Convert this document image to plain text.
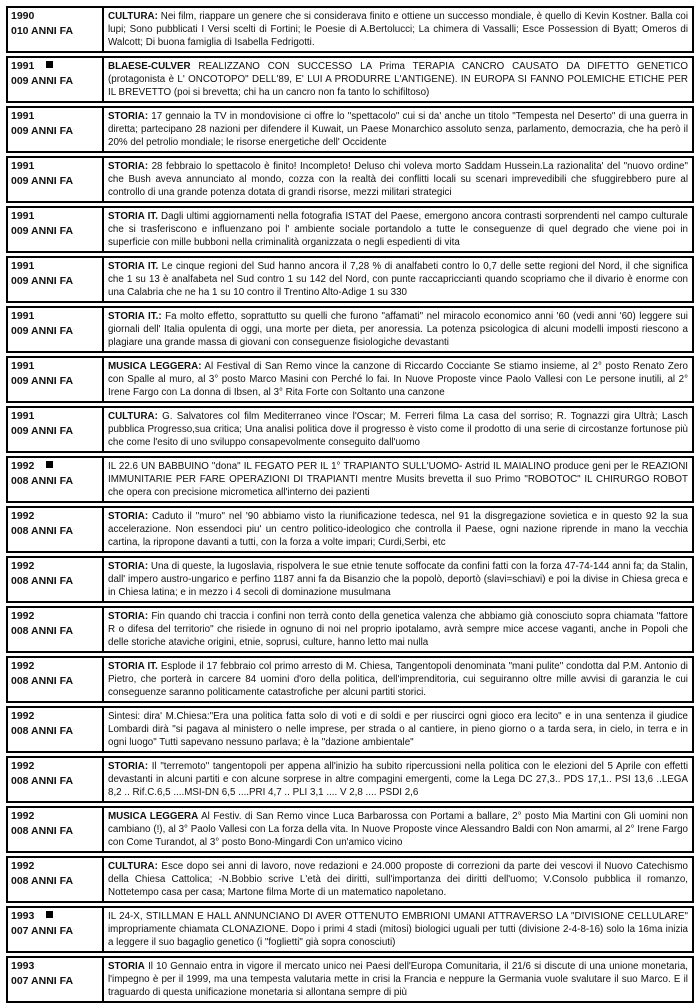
1990
010 ANNI FA
CULTURA: Nei film, riappare un genere che si considerava finito e ottiene un successo mondiale, è quello di Kevin Kostner. Balla coi lupi; Sono pubblicati I Versi scelti di Fortini; le Poesie di A.Bertolucci; La chimera di Vassalli; Esce Possession di Byatt; Omeros di Walcott; Di buona famiglia di Isabella Fedrigotti.
1991
009 ANNI FA
BLAESE-CULVER REALIZZANO CON SUCCESSO LA Prima TERAPIA CANCRO CAUSATO DA DIFETTO GENETICO (protagonista è L' ONCOTOPO" DELL'89, E' LUI A PRODURRE L'ANTIGENE). IN EUROPA SI FANNO POLEMICHE ETICHE PER IL BREVETTO (poi si brevetta; chi ha un cancro non fa tanto lo schifiltoso)
1991
009 ANNI FA
STORIA: 17 gennaio la TV in mondovisione ci offre lo "spettacolo" cui si da' anche un titolo "Tempesta nel Deserto" di una guerra in diretta; partecipano 28 nazioni per difendere il Kuwait, un Paese Monarchico assoluto senza, parlamento, democrazia, che ha però il 20% del petrolio mondiale; le risorse energetiche dell' Occidente
1991
009 ANNI FA
STORIA: 28 febbraio lo spettacolo è finito! Incompleto! Deluso chi voleva morto Saddam Hussein.La razionalita' del "nuovo ordine" che Bush aveva annunciato al mondo, cozza con la realtà dei conflitti locali su scenari imprevedibili che sfuggirebbero pure al controllo di una grande potenza dotata di grandi risorse, mezzi militari strategici
1991
009 ANNI FA
STORIA IT. Dagli ultimi aggiornamenti nella fotografia ISTAT del Paese, emergono ancora contrasti sorprendenti nel campo culturale che si trasferiscono e influenzano poi l' ambiente sociale portandolo a tutte le conseguenze di quel degrado che viene poi in superficie con mille bubboni nella criminalità organizzata o negli espedienti di vita
1991
009 ANNI FA
STORIA IT. Le cinque regioni del Sud hanno ancora il 7,28 % di analfabeti contro lo 0,7 delle sette regioni del Nord, il che significa che 1 su 13 è analfabeta nel Sud contro 1 su 142 del Nord, con punte raccapriccianti quando scopriamo che il divario è enorme con una Calabria che ne ha 1 su 10 contro il Trentino Alto-Adige 1 su 330
1991
009 ANNI FA
STORIA IT.: Fa molto effetto, soprattutto su quelli che furono "affamati" nel miracolo economico anni '60 (vedi anni '60) leggere sui giornali dell' Italia opulenta di oggi, una morte per dieta, per anoressia. La potenza psicologica di alcuni modelli imposti riescono a plagiare una grande massa di giovani con conseguenze fisiologiche devastanti
1991
009 ANNI FA
MUSICA LEGGERA: Al Festival di San Remo vince la canzone di Riccardo Cocciante Se stiamo insieme, al 2° posto Renato Zero con Spalle al muro, al 3° posto Marco Masini con Perché lo fai. In Nuove Proposte vince Paolo Vallesi con Le persone inutili, al 2° Irene Fargo con La donna di Ibsen, al 3° Rita Forte con Soltanto una canzone
1991
009 ANNI FA
CULTURA: G. Salvatores col film Mediterraneo vince l'Oscar; M. Ferreri filma La casa del sorriso; R. Tognazzi gira Ultrà; Lasch pubblica Progresso,sua critica; Una analisi politica dove il progresso è visto come il prodotto di una serie di circostanze fortunose più che come l'esito di uno sviluppo consapevolmente conseguito dall'uomo
1992
008 ANNI FA
IL 22.6 UN BABBUINO "dona" IL FEGATO PER IL 1° TRAPIANTO SULL'UOMO- Astrid IL MAIALINO produce geni per le REAZIONI IMMUNITARIE PER FARE OPERAZIONI DI TRAPIANTI mentre Musits brevetta il suo Primo "ROBOTOC" IL CHIRURGO ROBOT che opera con precisione micrometica all'interno dei pazienti
1992
008 ANNI FA
STORIA: Caduto il "muro" nel '90 abbiamo visto la riunificazione tedesca, nel 91 la disgregazione sovietica e in questo 92 la sua accelerazione. Non essendoci piu' un centro politico-ideologico che controlla il Paese, ogni nazione riprende in mano la vecchia cartina, la ripropone davanti a tutti, con la forza a volte impari; Curdi,Serbi, etc
1992
008 ANNI FA
STORIA: Una di queste, la Iugoslavia, rispolvera le sue etnie tenute soffocate da confini fatti con la forza 47-74-144 anni fa; da Stalin, dall' impero austro-ungarico e perfino 1187 anni fa da Bisanzio che la popolò, deportò (slavi=schiavi) e poi la divise in Chiesa greca e in Chiesa latina; e in mezzo i 4 secoli di dominazione musulmana
1992
008 ANNI FA
STORIA: Fin quando chi traccia i confini non terrà conto della genetica valenza che abbiamo già conosciuto sopra chiamata "fattore R o difesa del territorio" che risiede in ognuno di noi nel proprio ipotalamo, avrà sempre mice accese vaganti, anche in Popoli che delle storiche ataviche origini, etnie, soprusi, culture, hanno letto mai nulla
1992
008 ANNI FA
STORIA IT. Esplode il 17 febbraio col primo arresto di M. Chiesa, Tangentopoli denominata "mani pulite" condotta dal P.M. Antonio di Pietro, che porterà in carcere 84 uomini d'oro della politica, dell'imprenditoria, cui seguiranno oltre mille avvisi di garanzia le cui conseguenze saranno politicamente catastrofiche per alcuni partiti storici.
1992
008 ANNI FA
Sintesi: dira' M.Chiesa:"Era una politica fatta solo di voti e di soldi e per riuscirci ogni gioco era lecito" e in una sentenza il giudice Lombardi dirà "si pagava al ministero o nelle imprese, per strada o al cantiere, in pieno giorno o a tarda sera, in cielo, in terra e in ogni luogo" Tutti sapevano nessuno parlava; è la "dazione ambientale"
1992
008 ANNI FA
STORIA: Il "terremoto" tangentopoli per appena all'inizio ha subito ripercussioni nella politica con le elezioni del 5 Aprile con effetti devastanti in alcuni partiti e con alcune sorprese in altre compagini emergenti, come la Lega DC 27,3.. PDS 17,1.. PSI 13,6 ..LEGA 8,2 .. Rif.C.6,5 ....MSI-DN 6,5 ....PRI 4,7 .. PLI 3,1 .... V 2,8 .... PSDI 2,6
1992
008 ANNI FA
MUSICA LEGGERA Al Festiv. di San Remo vince Luca Barbarossa con Portami a ballare, 2° posto Mia Martini con Gli uomini non cambiano (!), al 3° Paolo Vallesi con La forza della vita. In Nuove Proposte vince Alessandro Baldi con Non amarmi, al 2° Irene Fargo con Come Turandot, al 3° posto Bono-Mingardi Con un'amico vicino
1992
008 ANNI FA
CULTURA: Esce dopo sei anni di lavoro, nove redazioni e 24.000 proposte di correzioni da parte dei vescovi il Nuovo Catechismo della Chiesa Cattolica; -N.Bobbio scrive L'età dei diritti, sull'importanza dei diritti dell'uomo; V.Consolo pubblica il romanzo, Nottetempo casa per casa; Martone filma Morte di un matematico napoletano.
1993
007 ANNI FA
IL 24-X, STILLMAN E HALL ANNUNCIANO DI AVER OTTENUTO EMBRIONI UMANI ATTRAVERSO LA "DIVISIONE CELLULARE" impropriamente chiamata CLONAZIONE. Dopo i primi 4 stadi (mitosi) biologici uguali per tutti (divisione 2-4-8-16) solo la 16ma inizia a leggere il suo bagaglio genetico (i "foglietti" già sopra conosciuti)
1993
007 ANNI FA
STORIA Il 10 Gennaio entra in vigore il mercato unico nei Paesi dell'Europa Comunitaria, il 21/6 si discute di una unione monetaria, l'impegno è per il 1999, ma una tempesta valutaria mette in crisi la Francia e neppure la Germania vuole svalutare il suo Marco. E il traguardo di questa unificazione monetaria si allontana sempre di più
